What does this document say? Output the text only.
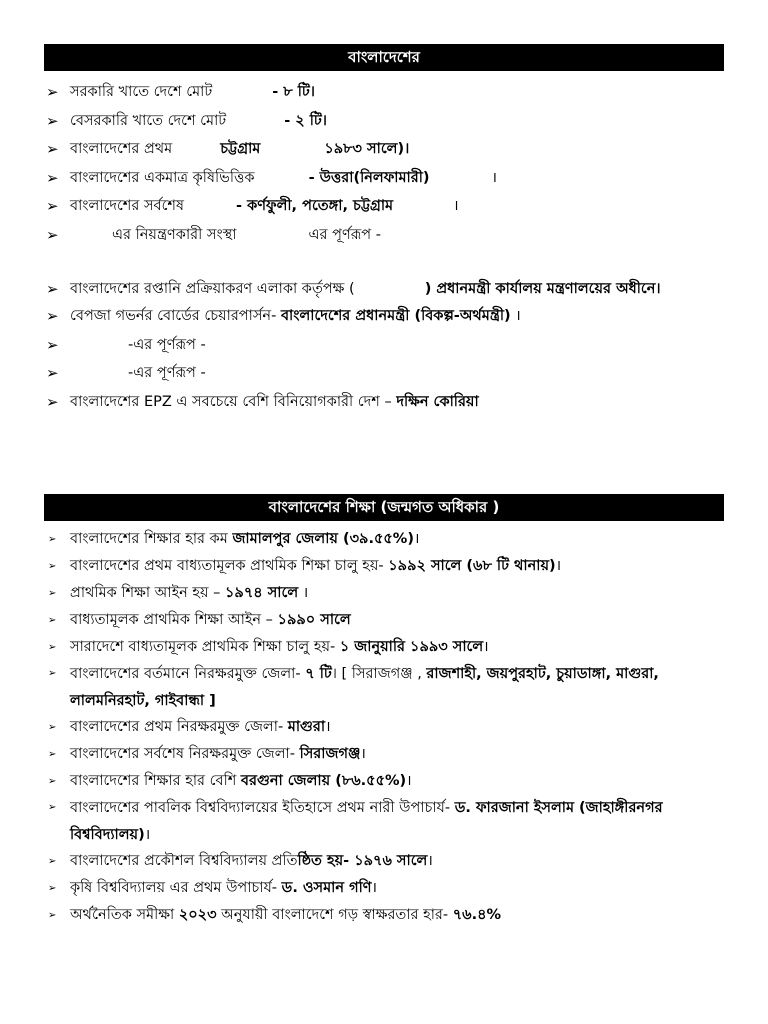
বাংলাদেশের
➢ সরকারি খাতে দেশে মোট	- ৮ টি।
➢ বেসরকারি খাতে দেশে মোট	- ২ টি।
➢ বাংলাদেশের প্রথম	চট্টগ্রাম	১৯৮৩ সালে)।
➢ বাংলাদেশের একমাত্র কৃষিভিত্তিক	- উত্তরা(নিলফামারী)	।
➢ বাংলাদেশের সর্বশেষ	- কর্ণফুলী, পতেঙ্গা, চট্টগ্রাম	।
➢	এর নিয়ন্ত্রণকারী সংস্থা	এর পূর্ণরূপ -
➢ বাংলাদেশের রপ্তানি প্রক্রিয়াকরণ এলাকা কর্তৃপক্ষ (	) প্রধানমন্ত্রী কার্যালয় মন্ত্রণালয়ের অধীনে।
➢ বেপজা গভর্নর বোর্ডের চেয়ারপার্সন- বাংলাদেশের প্রধানমন্ত্রী (বিকল্প-অর্থমন্ত্রী) ।
➢	-এর পূর্ণরূপ -
➢	-এর পূর্ণরূপ -
➢ বাংলাদেশের EPZ এ সবচেয়ে বেশি বিনিয়োগকারী দেশ – দক্ষিন কোরিয়া
বাংলাদেশের শিক্ষা (জন্মগত অধিকার )
➢ বাংলাদেশের শিক্ষার হার কম জামালপুর জেলায় (৩৯.৫৫%)।
➢ বাংলাদেশের প্রথম বাধ্যতামূলক প্রাথমিক শিক্ষা চালু হয়- ১৯৯২ সালে (৬৮ টি থানায়)।
➢ প্রাথমিক শিক্ষা আইন হয় – ১৯৭৪ সালে ।
➢ বাধ্যতামূলক প্রাথমিক শিক্ষা আইন – ১৯৯০ সালে
➢ সারাদেশে বাধ্যতামূলক প্রাথমিক শিক্ষা চালু হয়- ১ জানুয়ারি ১৯৯৩ সালে।
➢ বাংলাদেশের বর্তমানে নিরক্ষরমুক্ত জেলা- ৭ টি। [ সিরাজগঞ্জ , রাজশাহী, জয়পুরহাট, চুয়াডাঙ্গা, মাগুরা, লালমনিরহাট, গাইবান্ধা ]
➢ বাংলাদেশের প্রথম নিরক্ষরমুক্ত জেলা- মাগুরা।
➢ বাংলাদেশের সর্বশেষ নিরক্ষরমুক্ত জেলা- সিরাজগঞ্জ।
➢ বাংলাদেশের শিক্ষার হার বেশি বরগুনা জেলায় (৮৬.৫৫%)।
➢ বাংলাদেশের পাবলিক বিশ্ববিদ্যালয়ের ইতিহাসে প্রথম নারী উপাচার্য- ড. ফারজানা ইসলাম (জাহাঙ্গীরনগর বিশ্ববিদ্যালয়)।
➢ বাংলাদেশের প্রকৌশল বিশ্ববিদ্যালয় প্রতিষ্ঠিত হয়- ১৯৭৬ সালে।
➢ কৃষি বিশ্ববিদ্যালয় এর প্রথম উপাচার্য- ড. ওসমান গণি।
➢ অর্থনৈতিক সমীক্ষা ২০২৩ অনুযায়ী বাংলাদেশে গড় স্বাক্ষরতার হার- ৭৬.৪%
